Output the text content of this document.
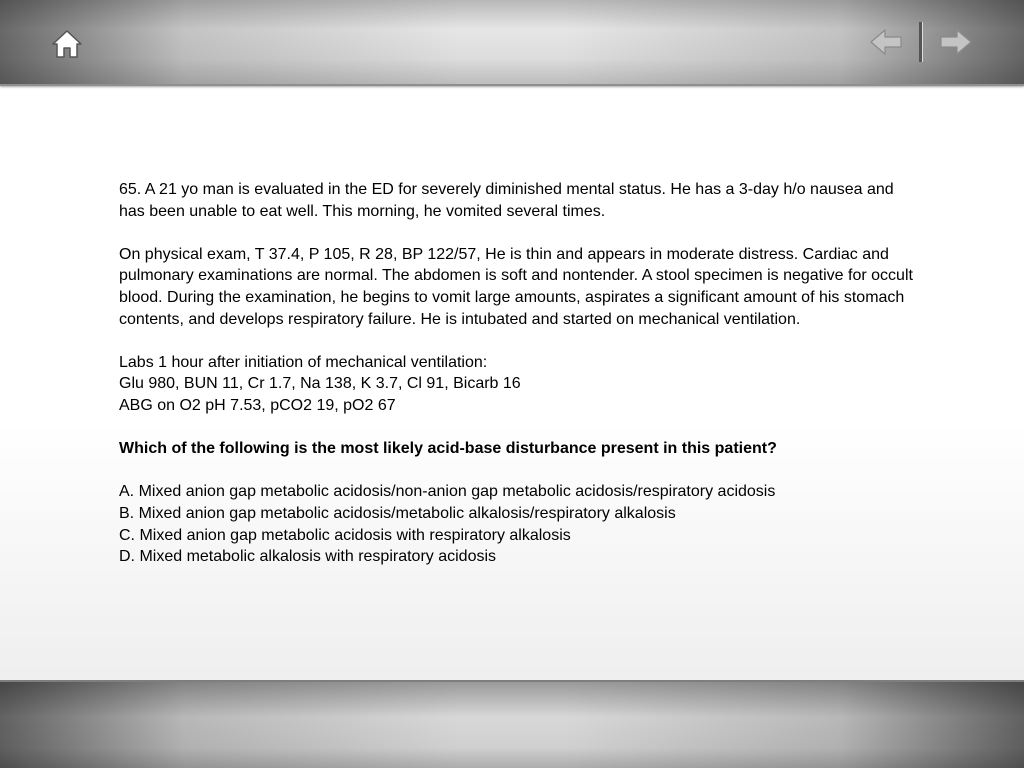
65. A 21 yo man is evaluated in the ED for severely diminished mental status. He has a 3-day h/o nausea and has been unable to eat well. This morning, he vomited several times.

On physical exam, T 37.4, P 105, R 28, BP 122/57, He is thin and appears in moderate distress. Cardiac and pulmonary examinations are normal. The abdomen is soft and nontender. A stool specimen is negative for occult blood. During the examination, he begins to vomit large amounts, aspirates a significant amount of his stomach contents, and develops respiratory failure. He is intubated and started on mechanical ventilation.

Labs 1 hour after initiation of mechanical ventilation:
Glu 980, BUN 11, Cr 1.7, Na 138, K 3.7, Cl 91, Bicarb 16
ABG on O2 pH 7.53, pCO2 19, pO2 67

Which of the following is the most likely acid-base disturbance present in this patient?

A. Mixed anion gap metabolic acidosis/non-anion gap metabolic acidosis/respiratory acidosis
B. Mixed anion gap metabolic acidosis/metabolic alkalosis/respiratory alkalosis
C. Mixed anion gap metabolic acidosis with respiratory alkalosis
D. Mixed metabolic alkalosis with respiratory acidosis
